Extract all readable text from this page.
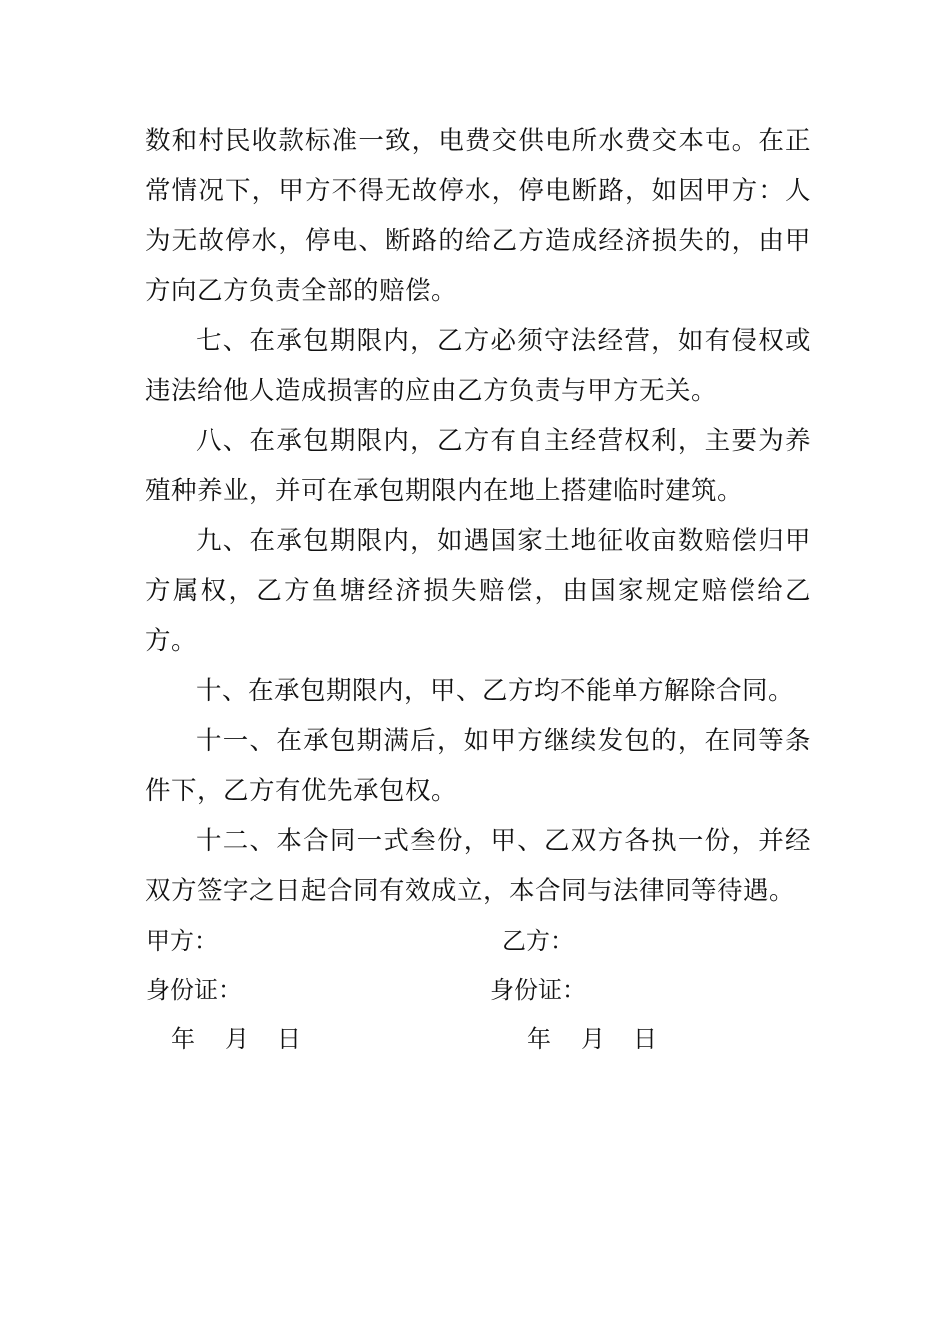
数和村民收款标准一致，电费交供电所水费交本屯。在正常情况下，甲方不得无故停水，停电断路，如因甲方：人为无故停水，停电、断路的给乙方造成经济损失的，由甲方向乙方负责全部的赔偿。

七、在承包期限内，乙方必须守法经营，如有侵权或违法给他人造成损害的应由乙方负责与甲方无关。

八、在承包期限内，乙方有自主经营权利，主要为养殖种养业，并可在承包期限内在地上搭建临时建筑。

九、在承包期限内，如遇国家土地征收亩数赔偿归甲方属权，乙方鱼塘经济损失赔偿，由国家规定赔偿给乙方。

十、在承包期限内，甲、乙方均不能单方解除合同。

十一、在承包期满后，如甲方继续发包的，在同等条件下，乙方有优先承包权。

十二、本合同一式叁份，甲、乙双方各执一份，并经双方签字之日起合同有效成立，本合同与法律同等待遇。

甲方：	乙方：
身份证：	身份证：
年 月 日	年 月 日
